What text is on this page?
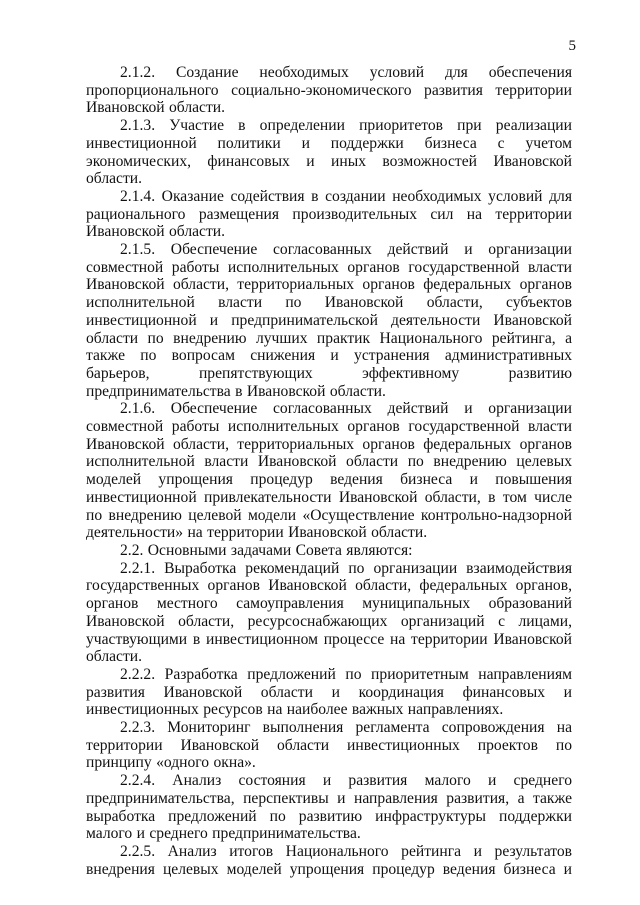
5

2.1.2. Создание необходимых условий для обеспечения пропорционального социально-экономического развития территории Ивановской области.

2.1.3. Участие в определении приоритетов при реализации инвестиционной политики и поддержки бизнеса с учетом экономических, финансовых и иных возможностей Ивановской области.

2.1.4. Оказание содействия в создании необходимых условий для рационального размещения производительных сил на территории Ивановской области.

2.1.5. Обеспечение согласованных действий и организации совместной работы исполнительных органов государственной власти Ивановской области, территориальных органов федеральных органов исполнительной власти по Ивановской области, субъектов инвестиционной и предпринимательской деятельности Ивановской области по внедрению лучших практик Национального рейтинга, а также по вопросам снижения и устранения административных барьеров, препятствующих эффективному развитию предпринимательства в Ивановской области.

2.1.6. Обеспечение согласованных действий и организации совместной работы исполнительных органов государственной власти Ивановской области, территориальных органов федеральных органов исполнительной власти Ивановской области по внедрению целевых моделей упрощения процедур ведения бизнеса и повышения инвестиционной привлекательности Ивановской области, в том числе по внедрению целевой модели «Осуществление контрольно-надзорной деятельности» на территории Ивановской области.

2.2. Основными задачами Совета являются:

2.2.1. Выработка рекомендаций по организации взаимодействия государственных органов Ивановской области, федеральных органов, органов местного самоуправления муниципальных образований Ивановской области, ресурсоснабжающих организаций с лицами, участвующими в инвестиционном процессе на территории Ивановской области.

2.2.2. Разработка предложений по приоритетным направлениям развития Ивановской области и координация финансовых и инвестиционных ресурсов на наиболее важных направлениях.

2.2.3. Мониторинг выполнения регламента сопровождения на территории Ивановской области инвестиционных проектов по принципу «одного окна».

2.2.4. Анализ состояния и развития малого и среднего предпринимательства, перспективы и направления развития, а также выработка предложений по развитию инфраструктуры поддержки малого и среднего предпринимательства.

2.2.5. Анализ итогов Национального рейтинга и результатов внедрения целевых моделей упрощения процедур ведения бизнеса и
